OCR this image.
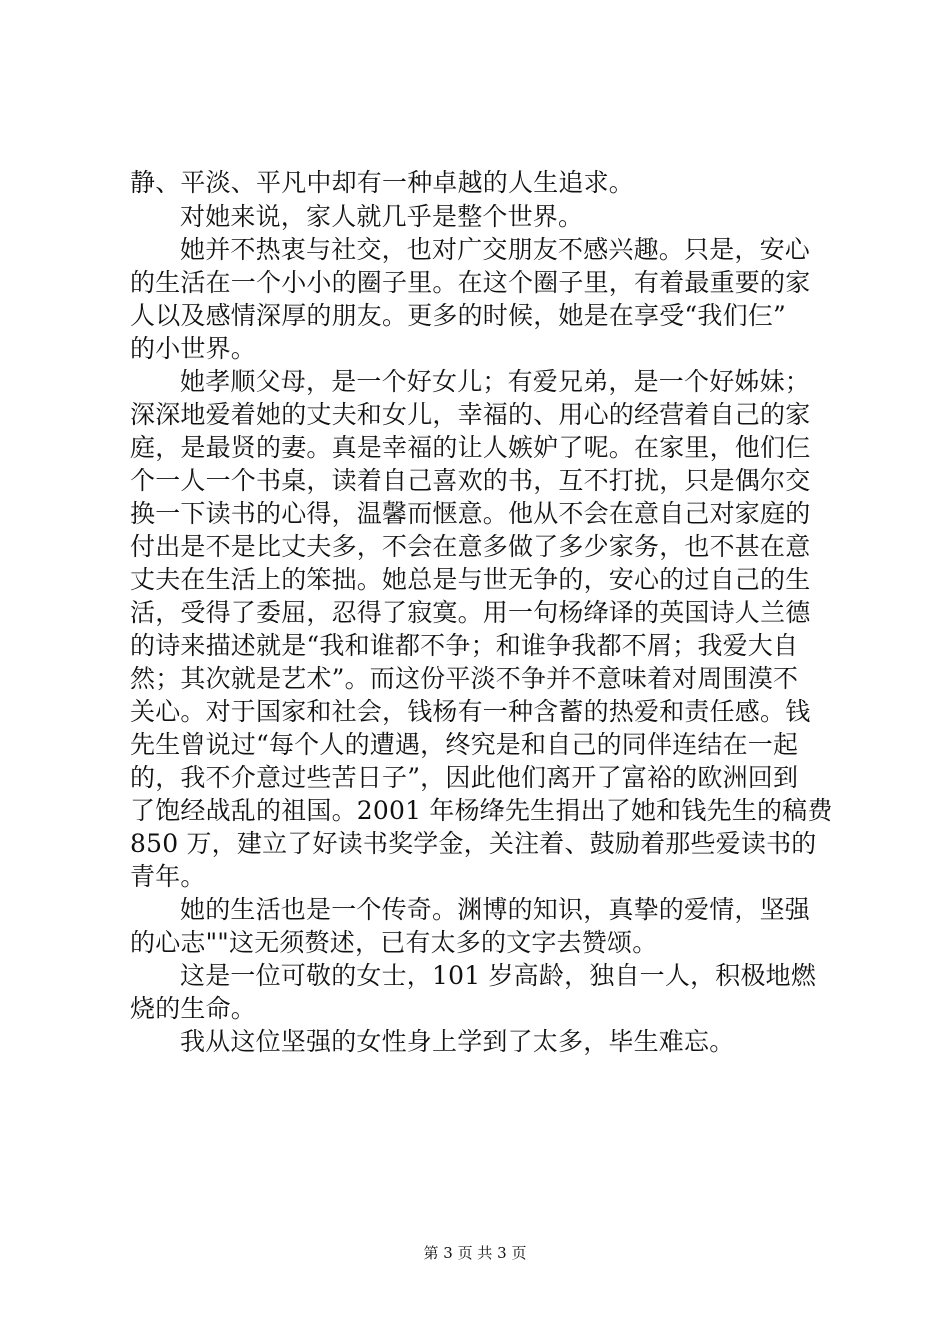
静、平淡、平凡中却有一种卓越的人生追求。
对她来说，家人就几乎是整个世界。
她并不热衷与社交，也对广交朋友不感兴趣。只是，安心
的生活在一个小小的圈子里。在这个圈子里，有着最重要的家
人以及感情深厚的朋友。更多的时候，她是在享受“我们仨”
的小世界。
她孝顺父母，是一个好女儿；有爱兄弟，是一个好姊妹；
深深地爱着她的丈夫和女儿，幸福的、用心的经营着自己的家
庭，是最贤的妻。真是幸福的让人嫉妒了呢。在家里，他们仨
个一人一个书桌，读着自己喜欢的书，互不打扰，只是偶尔交
换一下读书的心得，温馨而惬意。他从不会在意自己对家庭的
付出是不是比丈夫多，不会在意多做了多少家务，也不甚在意
丈夫在生活上的笨拙。她总是与世无争的，安心的过自己的生
活，受得了委屈，忍得了寂寞。用一句杨绛译的英国诗人兰德
的诗来描述就是“我和谁都不争；和谁争我都不屑；我爱大自
然；其次就是艺术”。而这份平淡不争并不意味着对周围漠不
关心。对于国家和社会，钱杨有一种含蓄的热爱和责任感。钱
先生曾说过“每个人的遭遇，终究是和自己的同伴连结在一起
的，我不介意过些苦日子”，因此他们离开了富裕的欧洲回到
了饱经战乱的祖国。2001 年杨绛先生捐出了她和钱先生的稿费
850 万，建立了好读书奖学金，关注着、鼓励着那些爱读书的
青年。
她的生活也是一个传奇。渊博的知识，真挚的爱情，坚强
的心志""这无须赘述，已有太多的文字去赞颂。
这是一位可敬的女士，101 岁高龄，独自一人，积极地燃
烧的生命。
我从这位坚强的女性身上学到了太多，毕生难忘。
第 3 页 共 3 页
